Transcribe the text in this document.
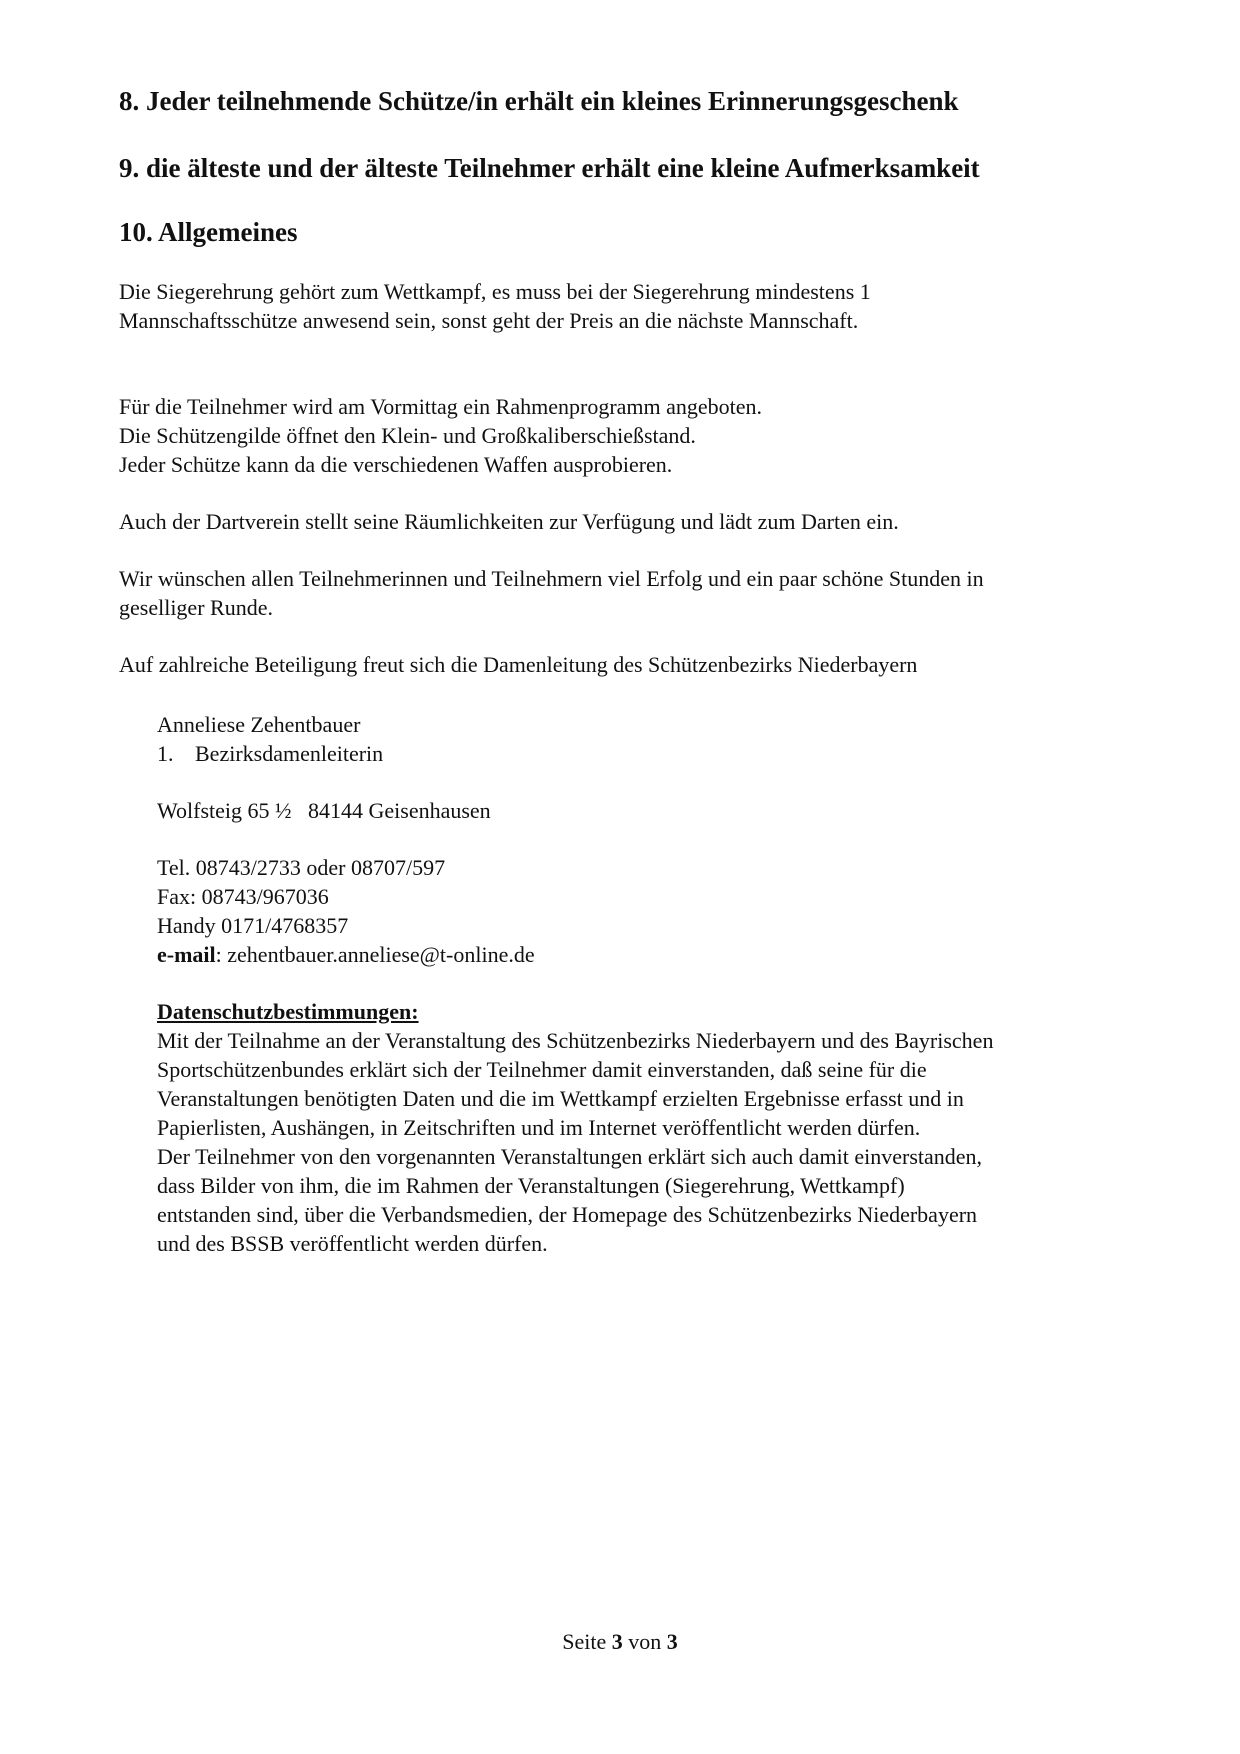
8. Jeder teilnehmende Schütze/in erhält ein kleines Erinnerungsgeschenk
9. die älteste und der älteste Teilnehmer erhält eine kleine Aufmerksamkeit
10. Allgemeines

Die Siegerehrung gehört zum Wettkampf, es muss bei der Siegerehrung mindestens 1
Mannschaftsschütze anwesend sein, sonst geht der Preis an die nächste Mannschaft.

Für die Teilnehmer wird am Vormittag ein Rahmenprogramm angeboten.
Die Schützengilde öffnet den Klein- und Großkaliberschießstand.
Jeder Schütze kann da die verschiedenen Waffen ausprobieren.

Auch der Dartverein stellt seine Räumlichkeiten zur Verfügung und lädt zum Darten ein.

Wir wünschen allen Teilnehmerinnen und Teilnehmern viel Erfolg und ein paar schöne Stunden in
geselliger Runde.

Auf zahlreiche Beteiligung freut sich die Damenleitung des Schützenbezirks Niederbayern

Anneliese Zehentbauer
1. Bezirksdamenleiterin

Wolfsteig 65 ½   84144 Geisenhausen

Tel. 08743/2733 oder 08707/597
Fax: 08743/967036
Handy 0171/4768357
e-mail: zehentbauer.anneliese@t-online.de

Datenschutzbestimmungen:
Mit der Teilnahme an der Veranstaltung des Schützenbezirks Niederbayern und des Bayrischen
Sportschützenbundes erklärt sich der Teilnehmer damit einverstanden, daß seine für die
Veranstaltungen benötigten Daten und die im Wettkampf erzielten Ergebnisse erfasst und in
Papierlisten, Aushängen, in Zeitschriften und im Internet veröffentlicht werden dürfen.
Der Teilnehmer von den vorgenannten Veranstaltungen erklärt sich auch damit einverstanden,
dass Bilder von ihm, die im Rahmen der Veranstaltungen (Siegerehrung, Wettkampf)
entstanden sind, über die Verbandsmedien, der Homepage des Schützenbezirks Niederbayern
und des BSSB veröffentlicht werden dürfen.

Seite 3 von 3
